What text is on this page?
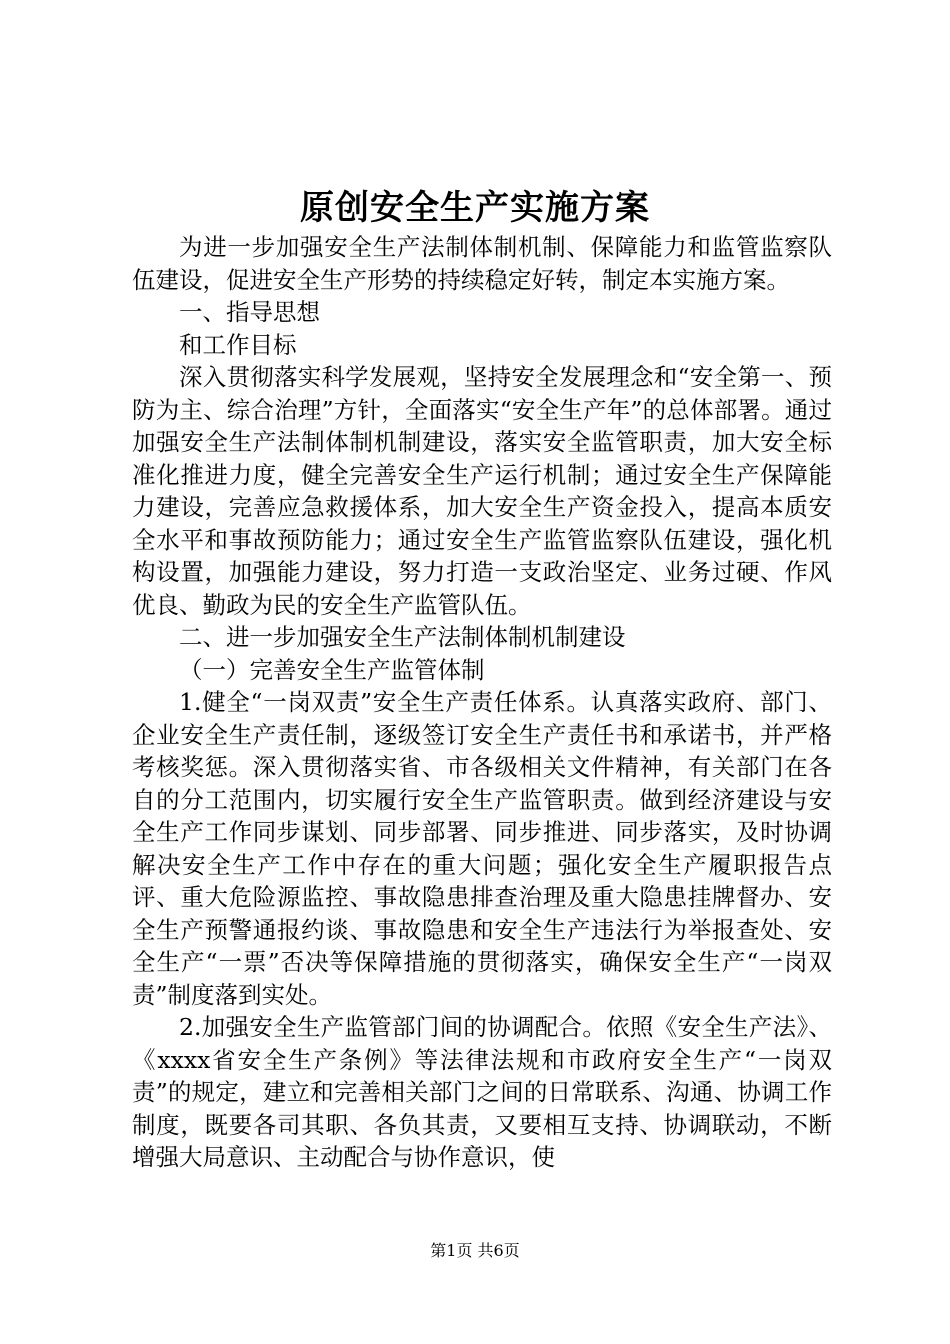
原创安全生产实施方案

为进一步加强安全生产法制体制机制、保障能力和监管监察队伍建设，促进安全生产形势的持续稳定好转，制定本实施方案。

一、指导思想

和工作目标

深入贯彻落实科学发展观，坚持安全发展理念和“安全第一、预防为主、综合治理”方针，全面落实“安全生产年”的总体部署。通过加强安全生产法制体制机制建设，落实安全监管职责，加大安全标准化推进力度，健全完善安全生产运行机制；通过安全生产保障能力建设，完善应急救援体系，加大安全生产资金投入，提高本质安全水平和事故预防能力；通过安全生产监管监察队伍建设，强化机构设置，加强能力建设，努力打造一支政治坚定、业务过硬、作风优良、勤政为民的安全生产监管队伍。

二、进一步加强安全生产法制体制机制建设

（一）完善安全生产监管体制

1.健全“一岗双责”安全生产责任体系。认真落实政府、部门、企业安全生产责任制，逐级签订安全生产责任书和承诺书，并严格考核奖惩。深入贯彻落实省、市各级相关文件精神，有关部门在各自的分工范围内，切实履行安全生产监管职责。做到经济建设与安全生产工作同步谋划、同步部署、同步推进、同步落实，及时协调解决安全生产工作中存在的重大问题；强化安全生产履职报告点评、重大危险源监控、事故隐患排查治理及重大隐患挂牌督办、安全生产预警通报约谈、事故隐患和安全生产违法行为举报查处、安全生产“一票”否决等保障措施的贯彻落实，确保安全生产“一岗双责”制度落到实处。

2.加强安全生产监管部门间的协调配合。依照《安全生产法》、《xxxx省安全生产条例》等法律法规和市政府安全生产“一岗双责”的规定，建立和完善相关部门之间的日常联系、沟通、协调工作制度，既要各司其职、各负其责，又要相互支持、协调联动，不断增强大局意识、主动配合与协作意识，使

第1页 共6页
